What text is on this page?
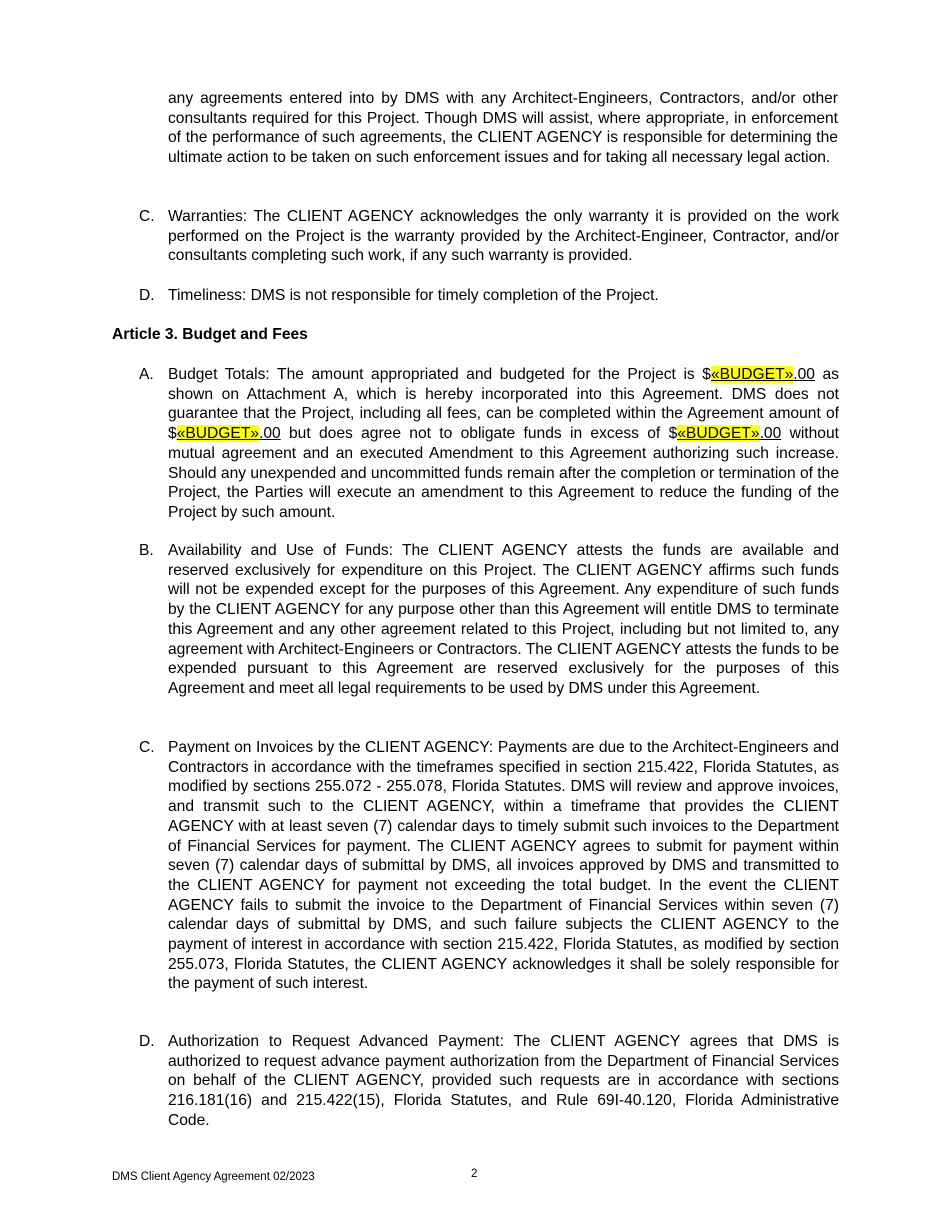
any agreements entered into by DMS with any Architect-Engineers, Contractors, and/or other consultants required for this Project. Though DMS will assist, where appropriate, in enforcement of the performance of such agreements, the CLIENT AGENCY is responsible for determining the ultimate action to be taken on such enforcement issues and for taking all necessary legal action.
C. Warranties: The CLIENT AGENCY acknowledges the only warranty it is provided on the work performed on the Project is the warranty provided by the Architect-Engineer, Contractor, and/or consultants completing such work, if any such warranty is provided.
D. Timeliness: DMS is not responsible for timely completion of the Project.
Article 3. Budget and Fees
A. Budget Totals: The amount appropriated and budgeted for the Project is $«BUDGET».00 as shown on Attachment A, which is hereby incorporated into this Agreement. DMS does not guarantee that the Project, including all fees, can be completed within the Agreement amount of $«BUDGET».00 but does agree not to obligate funds in excess of $«BUDGET».00 without mutual agreement and an executed Amendment to this Agreement authorizing such increase. Should any unexpended and uncommitted funds remain after the completion or termination of the Project, the Parties will execute an amendment to this Agreement to reduce the funding of the Project by such amount.
B. Availability and Use of Funds: The CLIENT AGENCY attests the funds are available and reserved exclusively for expenditure on this Project. The CLIENT AGENCY affirms such funds will not be expended except for the purposes of this Agreement. Any expenditure of such funds by the CLIENT AGENCY for any purpose other than this Agreement will entitle DMS to terminate this Agreement and any other agreement related to this Project, including but not limited to, any agreement with Architect-Engineers or Contractors. The CLIENT AGENCY attests the funds to be expended pursuant to this Agreement are reserved exclusively for the purposes of this Agreement and meet all legal requirements to be used by DMS under this Agreement.
C. Payment on Invoices by the CLIENT AGENCY: Payments are due to the Architect-Engineers and Contractors in accordance with the timeframes specified in section 215.422, Florida Statutes, as modified by sections 255.072 - 255.078, Florida Statutes. DMS will review and approve invoices, and transmit such to the CLIENT AGENCY, within a timeframe that provides the CLIENT AGENCY with at least seven (7) calendar days to timely submit such invoices to the Department of Financial Services for payment. The CLIENT AGENCY agrees to submit for payment within seven (7) calendar days of submittal by DMS, all invoices approved by DMS and transmitted to the CLIENT AGENCY for payment not exceeding the total budget. In the event the CLIENT AGENCY fails to submit the invoice to the Department of Financial Services within seven (7) calendar days of submittal by DMS, and such failure subjects the CLIENT AGENCY to the payment of interest in accordance with section 215.422, Florida Statutes, as modified by section 255.073, Florida Statutes, the CLIENT AGENCY acknowledges it shall be solely responsible for the payment of such interest.
D. Authorization to Request Advanced Payment: The CLIENT AGENCY agrees that DMS is authorized to request advance payment authorization from the Department of Financial Services on behalf of the CLIENT AGENCY, provided such requests are in accordance with sections 216.181(16) and 215.422(15), Florida Statutes, and Rule 69I-40.120, Florida Administrative Code.
DMS Client Agency Agreement 02/2023	2
